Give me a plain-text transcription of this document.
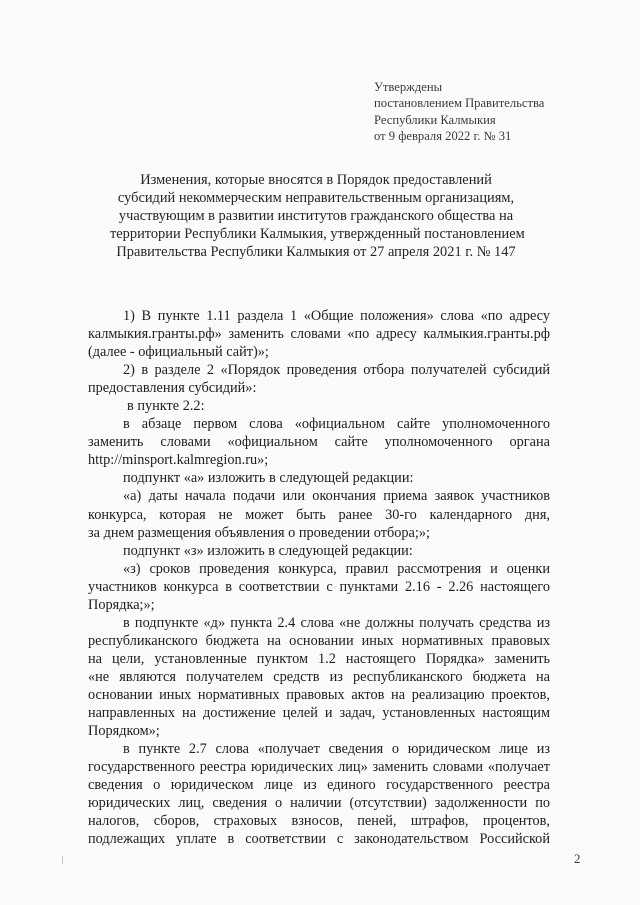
Утверждены
постановлением Правительства
Республики Калмыкия
от 9 февраля 2022 г. № 31
Изменения, которые вносятся в Порядок предоставлений
субсидий некоммерческим неправительственным организациям,
участвующим в развитии институтов гражданского общества на
территории Республики Калмыкия, утвержденный постановлением
Правительства Республики Калмыкия от 27 апреля 2021 г. № 147
1) В пункте 1.11 раздела 1 «Общие положения» слова «по адресу
калмыкия.гранты.рф» заменить словами «по адресу калмыкия.гранты.рф
(далее - официальный сайт)»;
2) в разделе 2 «Порядок проведения отбора получателей субсидий
предоставления субсидий»:
в пункте 2.2:
в абзаце первом слова «официальном сайте уполномоченного
заменить словами «официальном сайте уполномоченного органа
http://minsport.kalmregion.ru»;
подпункт «а» изложить в следующей редакции:
«а) даты начала подачи или окончания приема заявок участников
конкурса, которая не может быть ранее 30-го календарного дня,
за днем размещения объявления о проведении отбора;»;
подпункт «з» изложить в следующей редакции:
«з) сроков проведения конкурса, правил рассмотрения и оценки
участников конкурса в соответствии с пунктами 2.16 - 2.26 настоящего
Порядка;»;
в подпункте «д» пункта 2.4 слова «не должны получать средства из
республиканского бюджета на основании иных нормативных правовых
на цели, установленные пунктом 1.2 настоящего Порядка» заменить
«не являются получателем средств из республиканского бюджета на
основании иных нормативных правовых актов на реализацию проектов,
направленных на достижение целей и задач, установленных настоящим
Порядком»;
в пункте 2.7 слова «получает сведения о юридическом лице из
государственного реестра юридических лиц» заменить словами «получает
сведения о юридическом лице из единого государственного реестра
юридических лиц, сведения о наличии (отсутствии) задолженности по
налогов, сборов, страховых взносов, пеней, штрафов, процентов,
подлежащих уплате в соответствии с законодательством Российской
2
